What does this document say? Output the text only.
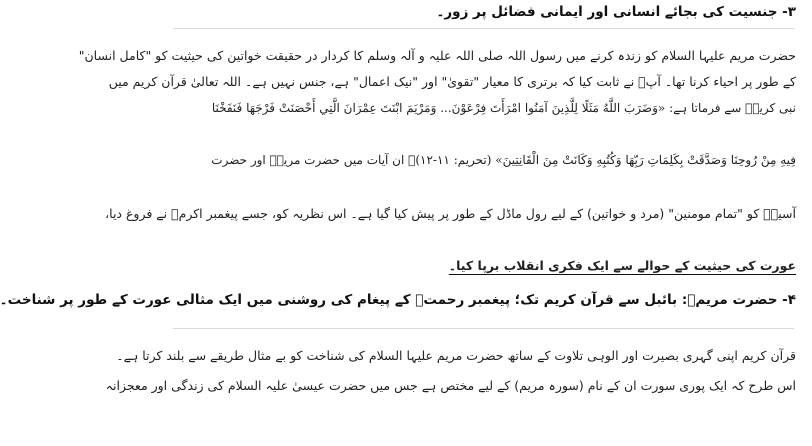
۳- جنسیت کی بجائے انسانی اور ایمانی فضائل پر زور۔
حضرت مریم علیہا السلام کو زندہ کرنے میں رسول اللہ صلی اللہ علیہ و آلہ وسلم کا کردار در حقیقت خواتین کی حیثیت کو "کامل انسان"
کے طور پر احیاء کرنا تھا۔ آپؐ نے ثابت کیا کہ برتری کا معیار "تقویٰ" اور "نیک اعمال" ہے، جنس نہیں ہے۔ اللہ تعالیٰ قرآن کریم میں
نبی کریمؐ سے فرماتا ہے: «وَضَرَبَ اللَّهُ مَثَلًا لِلَّذِينَ آمَنُوا امْرَأَتَ فِرْعَوْنَ... وَمَرْيَمَ ابْنَتَ عِمْرَانَ الَّتِي أَحْصَنَتْ فَرْجَهَا فَنَفَخْنَا
فِيهِ مِنْ رُوحِنَا وَصَدَّقَتْ بِكَلِمَاتِ رَبِّهَا وَكُتُبِهِ وَكَانَتْ مِنَ الْقَانِتِينَ» (تحریم: ۱۱-۱۲)۔ ان آیات میں حضرت مریمؑ اور حضرت
آسیہؑ کو "تمام مومنین" (مرد و خواتین) کے لیے رول ماڈل کے طور پر پیش کیا گیا ہے۔ اس نظریہ کو، جسے پیغمبر اکرمؐ نے فروغ دیا،
عورت کی حیثیت کے حوالے سے ایک فکری انقلاب برپا کیا۔
۴- حضرت مریمؑ: بائبل سے قرآن کریم تک؛ پیغمبر رحمتؐ کے پیغام کی روشنی میں ایک مثالی عورت کے طور پر شناخت۔
قرآن کریم اپنی گہری بصیرت اور الوہی تلاوت کے ساتھ حضرت مریم علیہا السلام کی شناخت کو بے مثال طریقے سے بلند کرتا ہے۔
اس طرح کہ ایک پوری سورت ان کے نام (سورہ مریم) کے لیے مختص ہے جس میں حضرت عیسیٰ علیہ السلام کی زندگی اور معجزانہ
